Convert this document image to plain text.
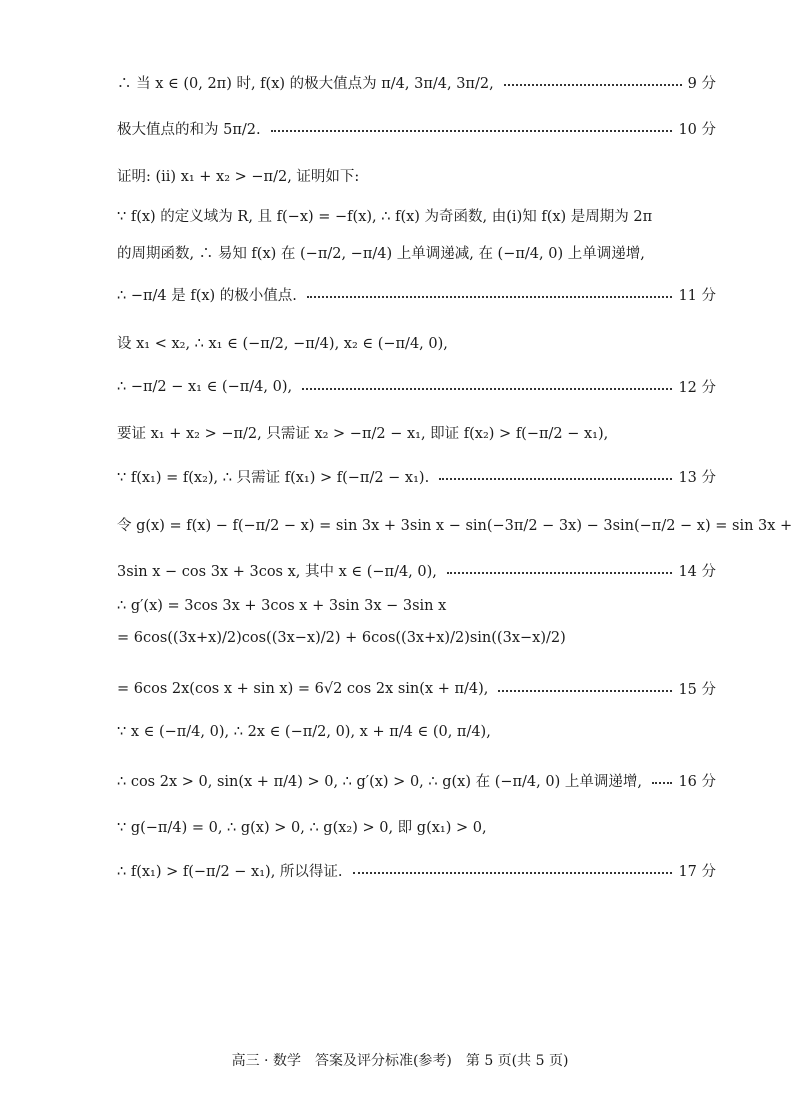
∴ 当 x ∈ (0, 2π) 时, f(x) 的极大值点为 π/4, 3π/4, 3π/2,	9 分
极大值点的和为 5π/2.	10 分
证明: (ii) x₁ + x₂ > −π/2, 证明如下:
∵ f(x) 的定义域为 R, 且 f(−x) = −f(x), ∴ f(x) 为奇函数, 由(i)知 f(x) 是周期为 2π
的周期函数, ∴ 易知 f(x) 在 (−π/2, −π/4) 上单调递减, 在 (−π/4, 0) 上单调递增,
∴ −π/4 是 f(x) 的极小值点.	11 分
设 x₁ < x₂, ∴ x₁ ∈ (−π/2, −π/4), x₂ ∈ (−π/4, 0),
∴ −π/2 − x₁ ∈ (−π/4, 0),	12 分
要证 x₁ + x₂ > −π/2, 只需证 x₂ > −π/2 − x₁, 即证 f(x₂) > f(−π/2 − x₁),
∵ f(x₁) = f(x₂), ∴ 只需证 f(x₁) > f(−π/2 − x₁).	13 分
令 g(x) = f(x) − f(−π/2 − x) = sin 3x + 3sin x − sin(−3π/2 − 3x) − 3sin(−π/2 − x) = sin 3x +
3sin x − cos 3x + 3cos x, 其中 x ∈ (−π/4, 0),	14 分
∴ g′(x) = 3cos 3x + 3cos x + 3sin 3x − 3sin x
= 6cos((3x+x)/2)cos((3x−x)/2) + 6cos((3x+x)/2)sin((3x−x)/2)
= 6cos 2x(cos x + sin x) = 6√2 cos 2x sin(x + π/4),	15 分
∵ x ∈ (−π/4, 0), ∴ 2x ∈ (−π/2, 0), x + π/4 ∈ (0, π/4),
∴ cos 2x > 0, sin(x + π/4) > 0, ∴ g′(x) > 0, ∴ g(x) 在 (−π/4, 0) 上单调递增,	16 分
∵ g(−π/4) = 0, ∴ g(x) > 0, ∴ g(x₂) > 0, 即 g(x₁) > 0,
∴ f(x₁) > f(−π/2 − x₁), 所以得证.	17 分
高三 · 数学　答案及评分标准(参考)　第 5 页(共 5 页)
